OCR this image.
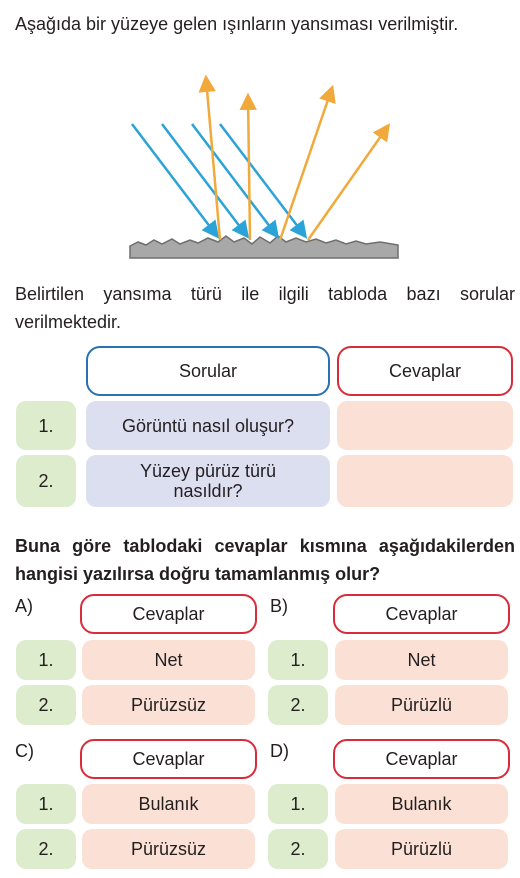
Aşağıda bir yüzeye gelen ışınların yansıması verilmiştir.
Belirtilen yansıma türü ile ilgili tabloda bazı sorular verilmektedir.
Sorular	Cevaplar
1.	Görüntü nasıl oluşur?
2.	Yüzey pürüz türü nasıldır?
Buna göre tablodaki cevaplar kısmına aşağıdakilerden hangisi yazılırsa doğru tamamlanmış olur?
A)	Cevaplar
1.	Net
2.	Pürüzsüz
B)	Cevaplar
1.	Net
2.	Pürüzlü
C)	Cevaplar
1.	Bulanık
2.	Pürüzsüz
D)	Cevaplar
1.	Bulanık
2.	Pürüzlü
